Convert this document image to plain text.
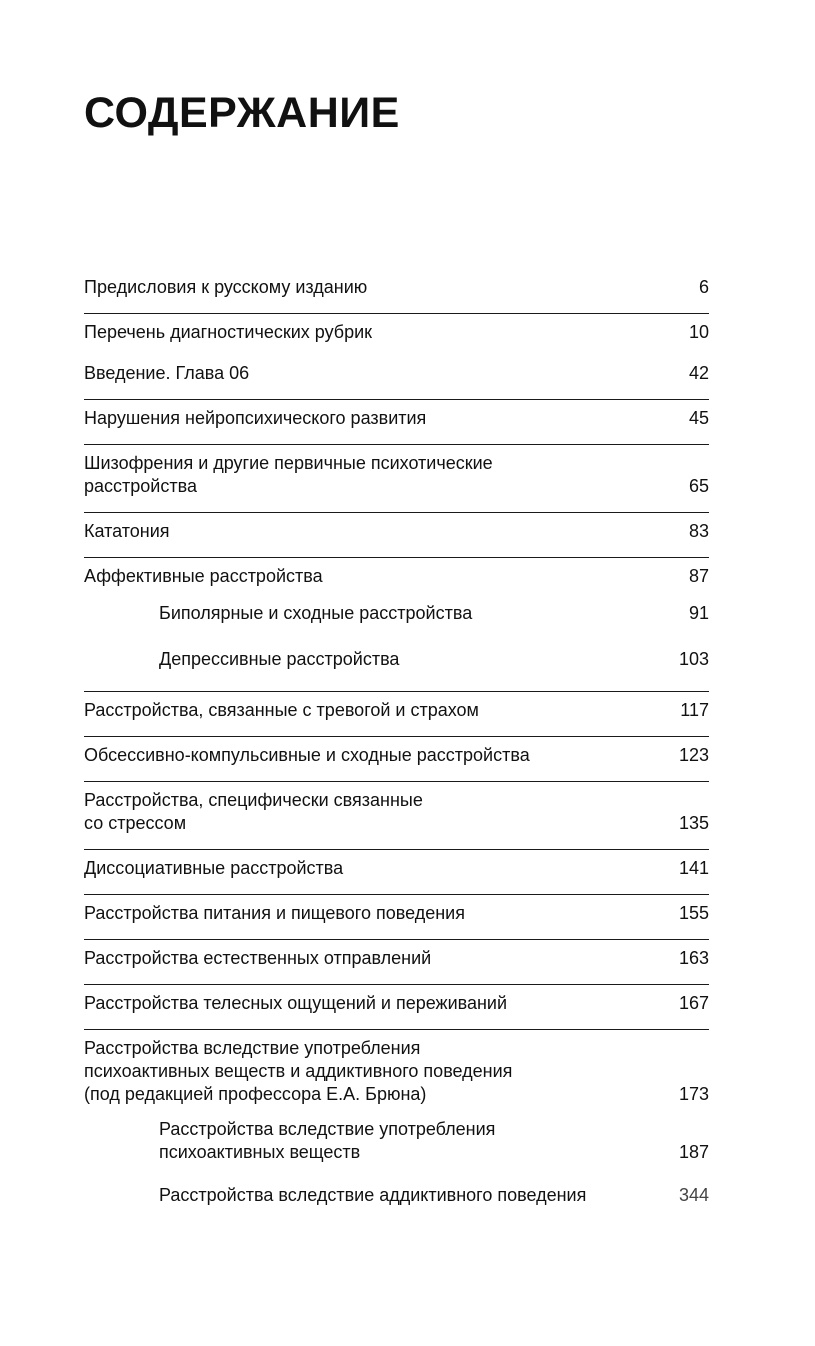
СОДЕРЖАНИЕ
Предисловия к русскому изданию	6
Перечень диагностических рубрик	10
Введение. Глава 06	42
Нарушения нейропсихического развития	45
Шизофрения и другие первичные психотические
расстройства	65
Кататония	83
Аффективные расстройства	87
Биполярные и сходные расстройства	91
Депрессивные расстройства	103
Расстройства, связанные с тревогой и страхом	117
Обсессивно-компульсивные и сходные расстройства	123
Расстройства, специфически связанные
со стрессом	135
Диссоциативные расстройства	141
Расстройства питания и пищевого поведения	155
Расстройства естественных отправлений	163
Расстройства телесных ощущений и переживаний	167
Расстройства вследствие употребления
психоактивных веществ и аддиктивного поведения
(под редакцией профессора Е.А. Брюна)	173
Расстройства вследствие употребления
психоактивных веществ	187
Расстройства вследствие аддиктивного поведения	344
